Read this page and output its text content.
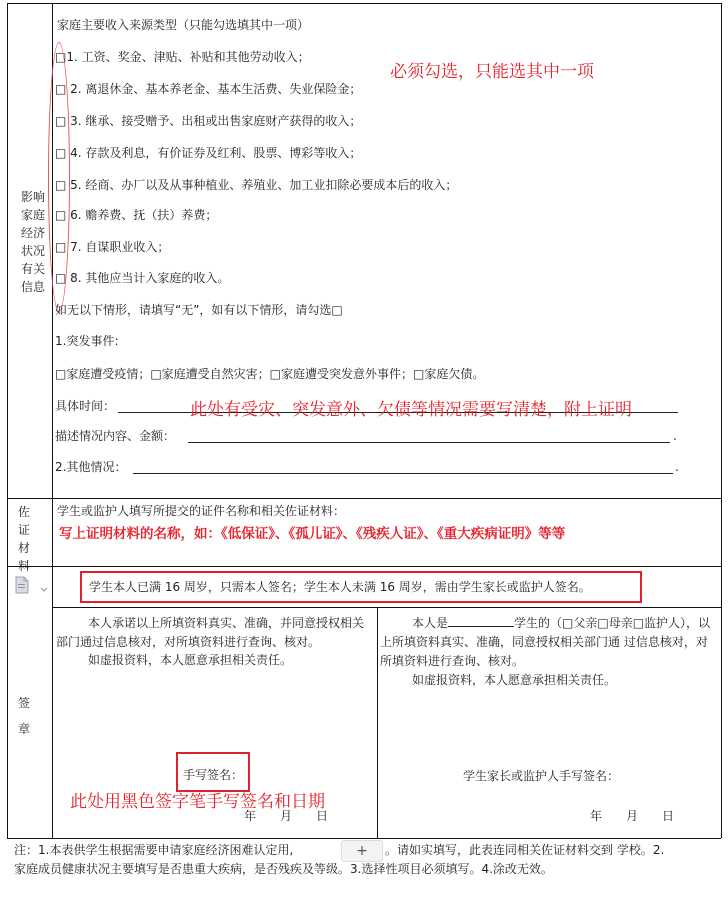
影响家庭经济状况有关信息
家庭主要收入来源类型（只能勾选填其中一项）
□1. 工资、奖金、津贴、补贴和其他劳动收入；
□ 2. 离退休金、基本养老金、基本生活费、失业保险金；
□ 3. 继承、接受赠予、出租或出售家庭财产获得的收入；
□ 4. 存款及利息，有价证券及红利、股票、博彩等收入；
□ 5. 经商、办厂以及从事种植业、养殖业、加工业扣除必要成本后的收入；
□ 6. 赡养费、抚（扶）养费；
□ 7. 自谋职业收入；
□ 8. 其他应当计入家庭的收入。
必须勾选，只能选其中一项
如无以下情形，请填写“无”，如有以下情形，请勾选□
1.突发事件:
□家庭遭受疫情；□家庭遭受自然灾害；□家庭遭受突发意外事件；□家庭欠债。
具体时间：	此处有受灾、突发意外、欠债等情况需要写清楚，附上证明
描述情况内容、金额：	.
2.其他情况：	.
佐证材料
学生或监护人填写所提交的证件名称和相关佐证材料：
写上证明材料的名称，如：《低保证》、《孤儿证》、《残疾人证》、《重大疾病证明》等等
签章
学生本人已满 16 周岁，只需本人签名；学生本人未满 16 周岁，需由学生家长或监护人签名。
本人承诺以上所填资料真实、准确，并同意授权相关部门通过信息核对，对所填资料进行查询、核对。
如虚报资料，本人愿意承担相关责任。
手写签名：
此处用黑色签字笔手写签名和日期
年　　月　　日
本人是	学生的（□父亲□母亲□监护人），以上所填资料真实、准确，同意授权相关部门通 过信息核对，对所填资料进行查询、核对。
如虚报资料，本人愿意承担相关责任。
学生家长或监护人手写签名：
年　　月　　日
注：1.本表供学生根据需要申请家庭经济困难认定用,	+	。请如实填写，此表连同相关佐证材料交到 学校。2.
家庭成员健康状况主要填写是否患重大疾病，是否残疾及等级。3.选择性项目必须填写。4.涂改无效。
